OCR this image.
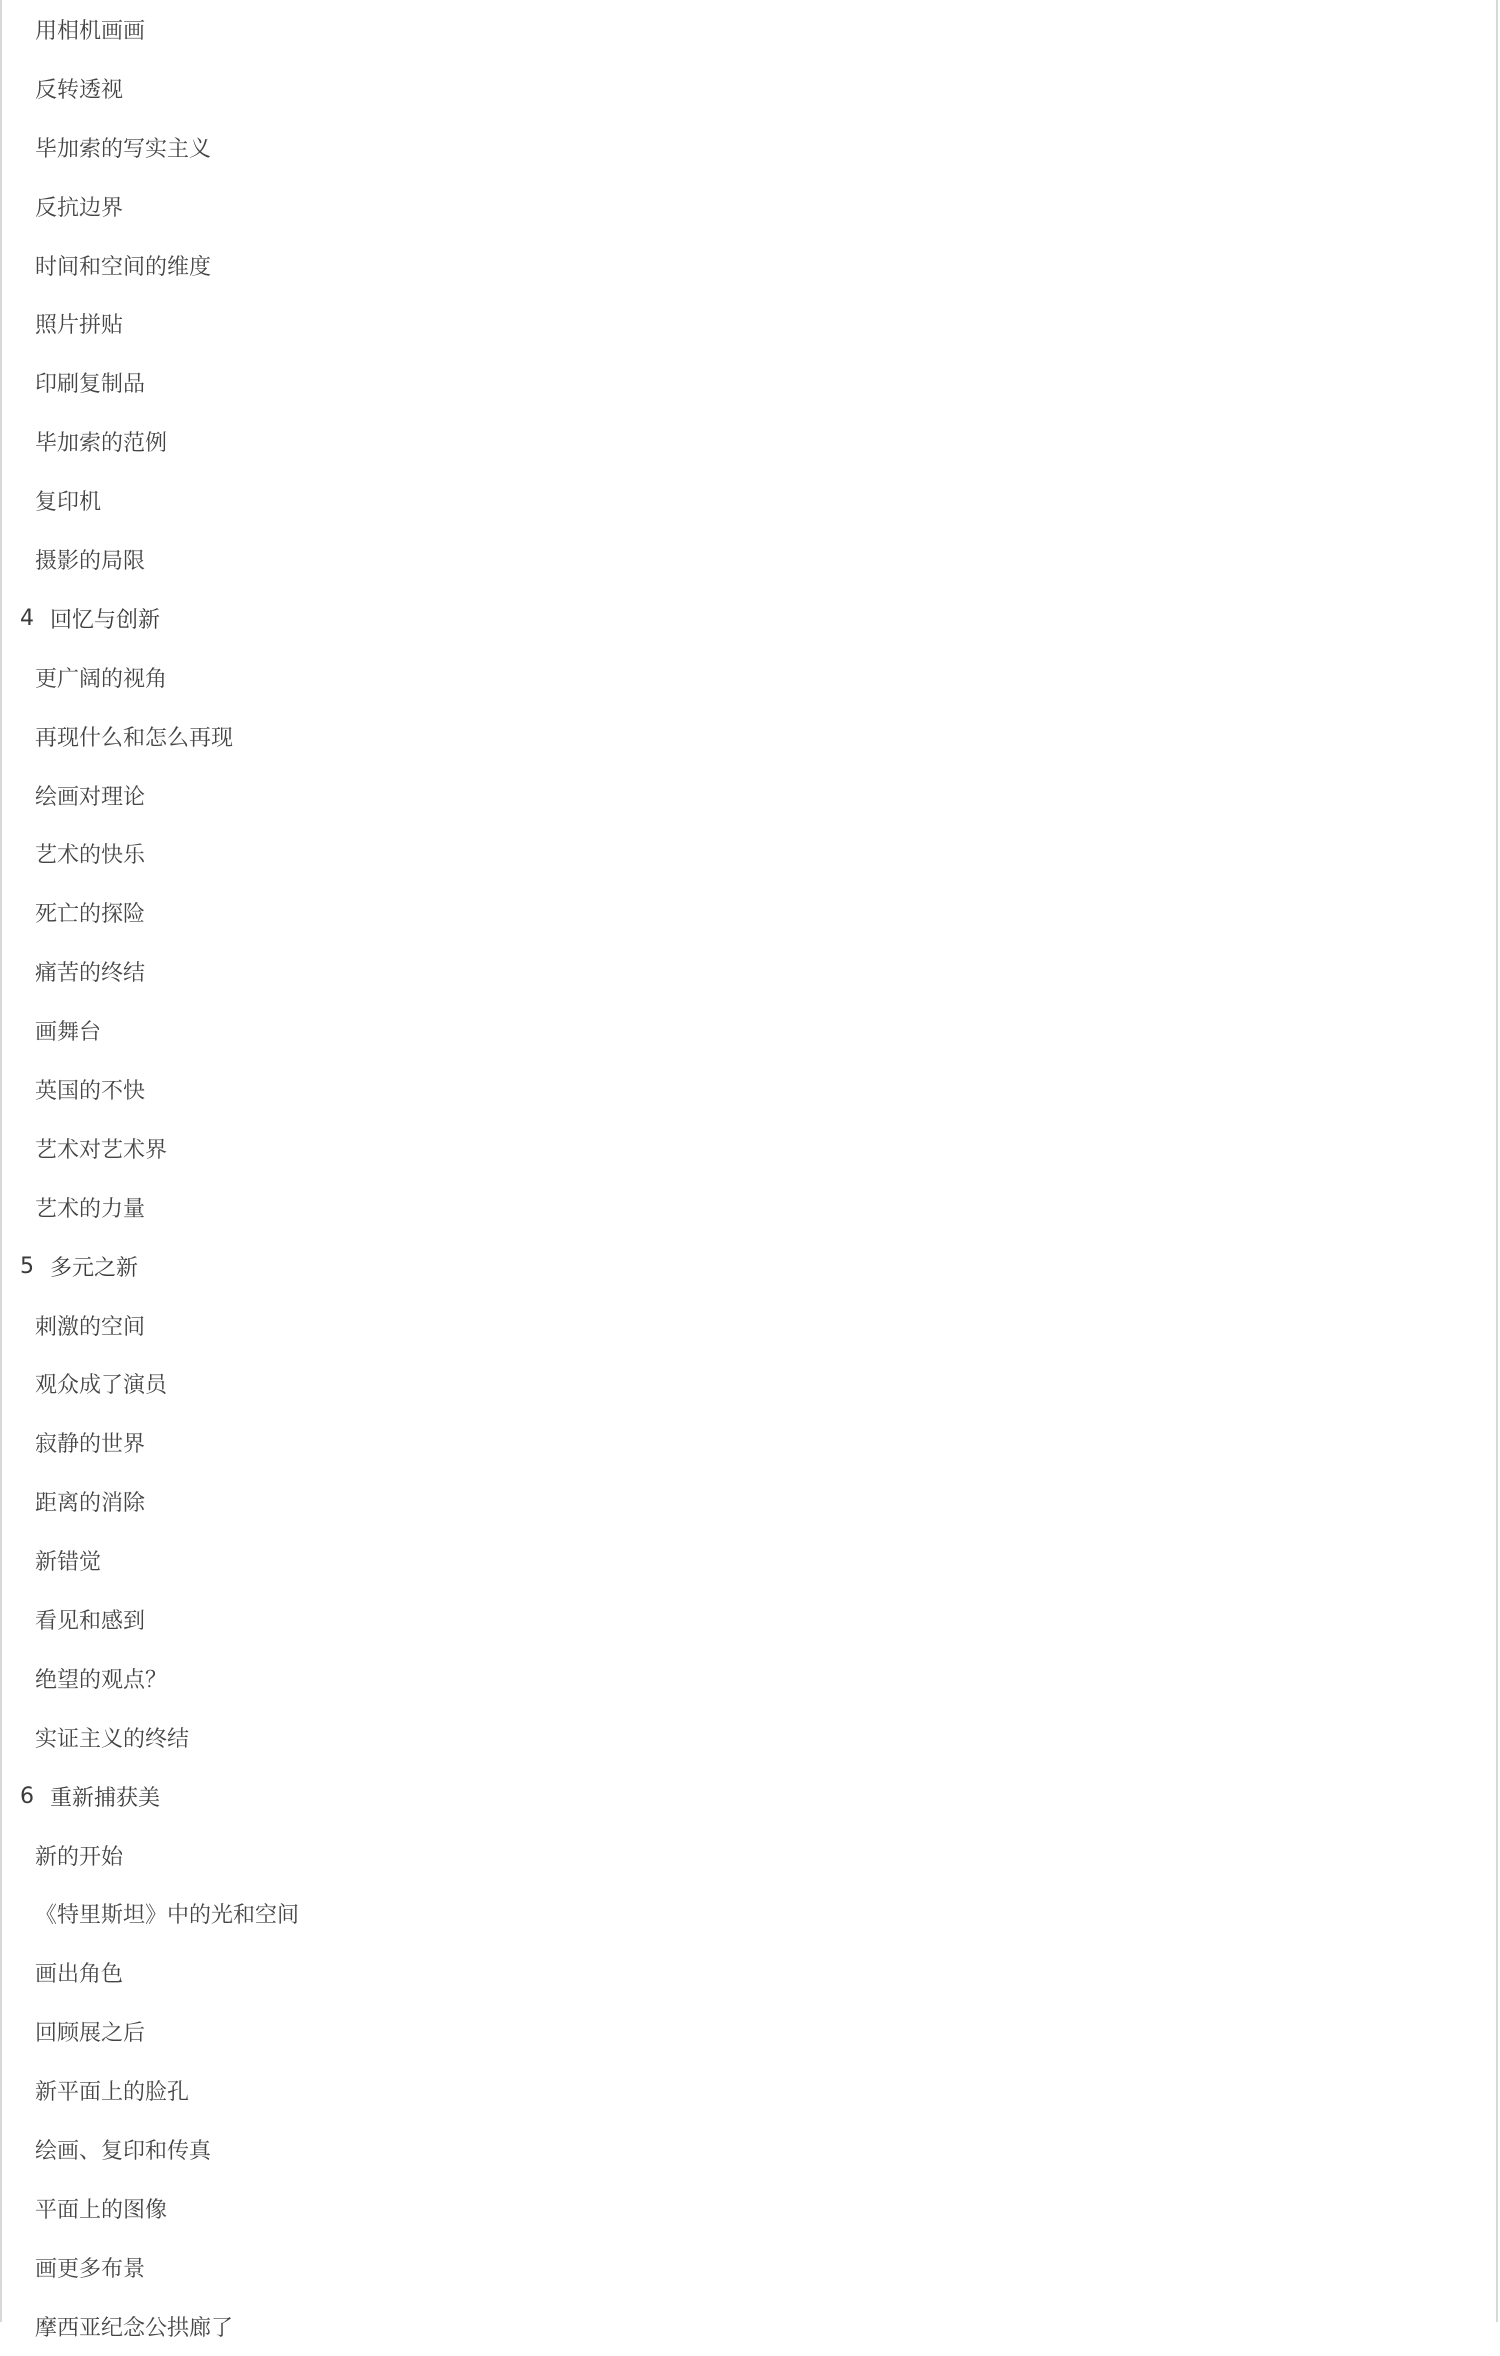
用相机画画
反转透视
毕加索的写实主义
反抗边界
时间和空间的维度
照片拼贴
印刷复制品
毕加索的范例
复印机
摄影的局限
4 回忆与创新
更广阔的视角
再现什么和怎么再现
绘画对理论
艺术的快乐
死亡的探险
痛苦的终结
画舞台
英国的不快
艺术对艺术界
艺术的力量
5 多元之新
刺激的空间
观众成了演员
寂静的世界
距离的消除
新错觉
看见和感到
绝望的观点？
实证主义的终结
6 重新捕获美
新的开始
《特里斯坦》中的光和空间
画出角色
回顾展之后
新平面上的脸孔
绘画、复印和传真
平面上的图像
画更多布景
摩西亚纪念公拱廊了
